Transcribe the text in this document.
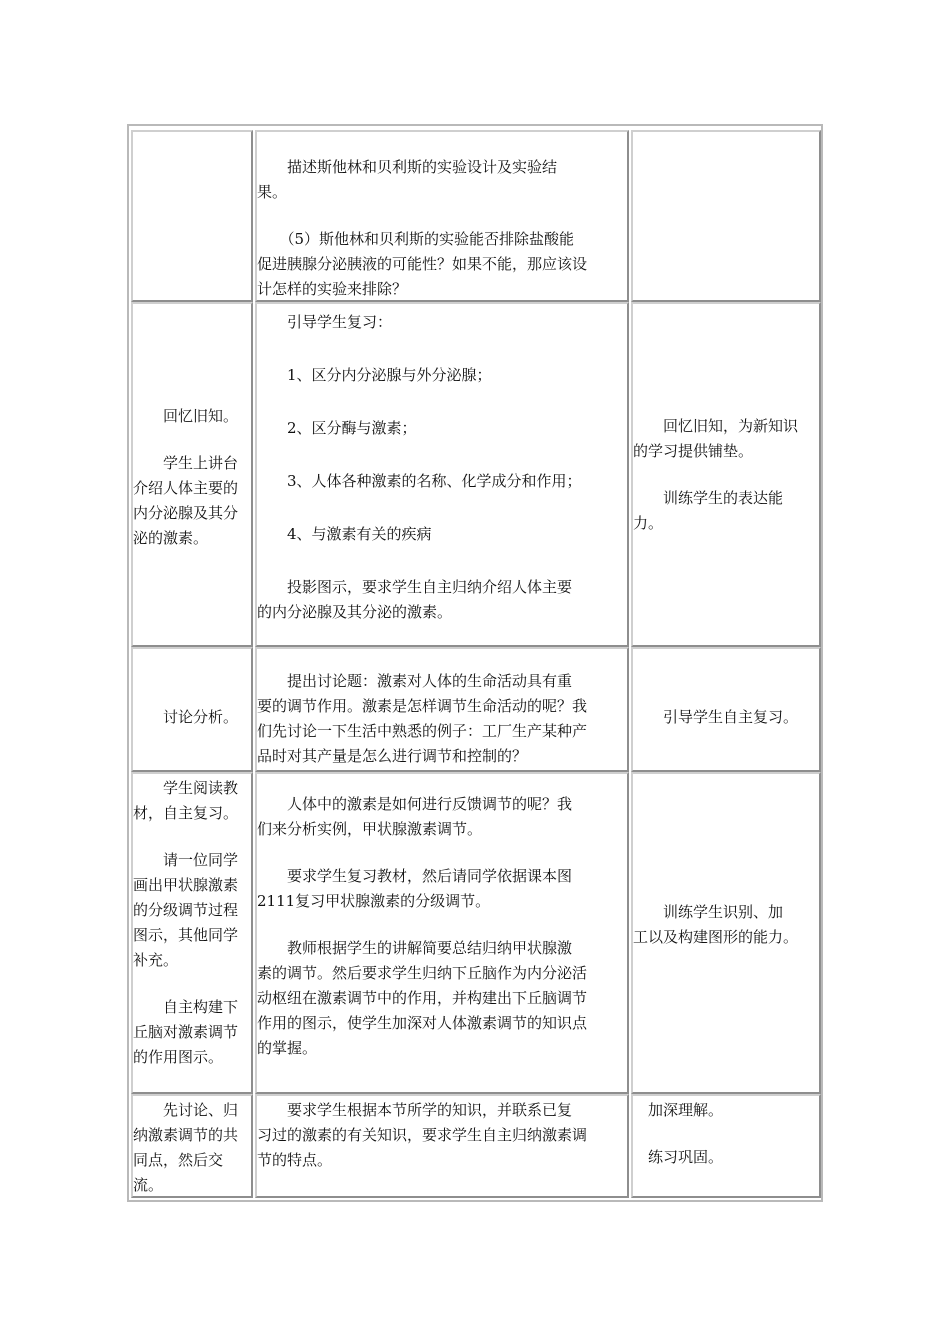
　　描述斯他林和贝利斯的实验设计及实验结

果。

　　（5）斯他林和贝利斯的实验能否排除盐酸能

促进胰腺分泌胰液的可能性？如果不能，那应该设

计怎样的实验来排除？

　　回忆旧知。

　　学生上讲台

介绍人体主要的

内分泌腺及其分

泌的激素。

　　引导学生复习：

　　1、区分内分泌腺与外分泌腺；

　　2、区分酶与激素；

　　3、人体各种激素的名称、化学成分和作用；

　　4、与激素有关的疾病

　　投影图示，要求学生自主归纳介绍人体主要

的内分泌腺及其分泌的激素。

　　回忆旧知，为新知识

的学习提供铺垫。

　　训练学生的表达能

力。

　　讨论分析。

　　提出讨论题：激素对人体的生命活动具有重

要的调节作用。激素是怎样调节生命活动的呢？我

们先讨论一下生活中熟悉的例子：工厂生产某种产

品时对其产量是怎么进行调节和控制的？

　　引导学生自主复习。

　　学生阅读教

材，自主复习。

　　请一位同学

画出甲状腺激素

的分级调节过程

图示，其他同学

补充。

　　自主构建下

丘脑对激素调节

的作用图示。

　　人体中的激素是如何进行反馈调节的呢？我

们来分析实例，甲状腺激素调节。

　　要求学生复习教材，然后请同学依据课本图

2111复习甲状腺激素的分级调节。

　　教师根据学生的讲解简要总结归纳甲状腺激

素的调节。然后要求学生归纳下丘脑作为内分泌活

动枢纽在激素调节中的作用，并构建出下丘脑调节

作用的图示，使学生加深对人体激素调节的知识点

的掌握。

　　训练学生识别、加

工以及构建图形的能力。

　　先讨论、归

纳激素调节的共

同点，然后交

流。

　　要求学生根据本节所学的知识，并联系已复

习过的激素的有关知识，要求学生自主归纳激素调

节的特点。

　加深理解。

　练习巩固。
